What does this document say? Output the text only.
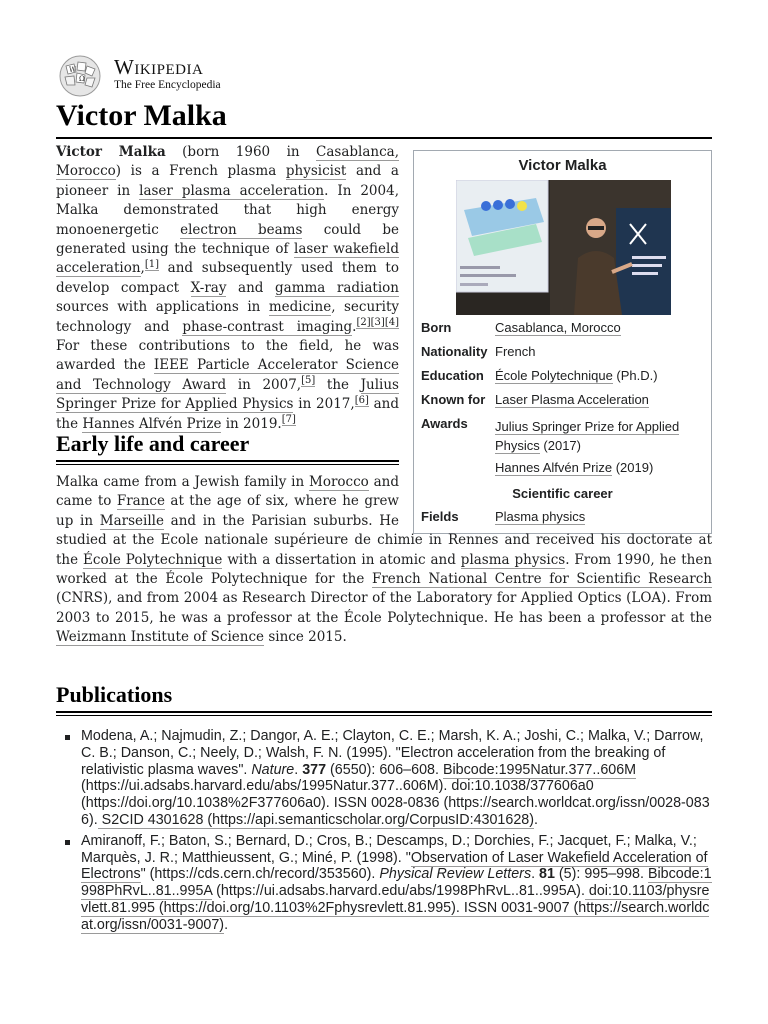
W
Ω Wikipedia
The Free Encyclopedia
Victor Malka
Victor Malka
Born	Casablanca, Morocco
Nationality French
Education École Polytechnique (Ph.D.)
Known for Laser Plasma Acceleration
Awards Julius Springer Prize for Applied Physics (2017)
Hannes Alfvén Prize (2019)
Scientific career
Fields	Plasma physics

Victor Malka (born 1960 in Casablanca, Morocco) is a French plasma physicist and a pioneer in laser plasma acceleration. In 2004, Malka demonstrated that high energy monoenergetic electron beams could be generated using the technique of laser wakefield acceleration,[1] and subsequently used them to develop compact X-ray and gamma radiation sources with applications in medicine, security technology and phase-contrast imaging.[2][3][4] For these contributions to the field, he was awarded the IEEE Particle Accelerator Science and Technology Award in 2007,[5] the Julius Springer Prize for Applied Physics in 2017,[6] and the Hannes Alfvén Prize in 2019.[7]

Early life and career

Malka came from a Jewish family in Morocco and came to France at the age of six, where he grew up in Marseille and in the Parisian suburbs. He studied at the Ecole nationale supérieure de chimie in Rennes and received his doctorate at the École Polytechnique with a dissertation in atomic and plasma physics. From 1990, he then worked at the École Polytechnique for the French National Centre for Scientific Research (CNRS), and from 2004 as Research Director of the Laboratory for Applied Optics (LOA). From 2003 to 2015, he was a professor at the École Polytechnique. He has been a professor at the Weizmann Institute of Science since 2015.

Publications
Modena, A.; Najmudin, Z.; Dangor, A. E.; Clayton, C. E.; Marsh, K. A.; Joshi, C.; Malka, V.; Darrow, C. B.; Danson, C.; Neely, D.; Walsh, F. N. (1995). "Electron acceleration from the breaking of relativistic plasma waves". Nature. 377 (6550): 606–608. Bibcode:1995Natur.377..606M (https://ui.adsabs.harvard.edu/abs/1995Natur.377..606M). doi:10.1038/377606a0 (https://doi.org/10.1038%2F377606a0). ISSN 0028-0836 (https://search.worldcat.org/issn/0028-0836). S2CID 4301628 (https://api.semanticscholar.org/CorpusID:4301628).
Amiranoff, F.; Baton, S.; Bernard, D.; Cros, B.; Descamps, D.; Dorchies, F.; Jacquet, F.; Malka, V.; Marquès, J. R.; Matthieussent, G.; Miné, P. (1998). "Observation of Laser Wakefield Acceleration of Electrons" (https://cds.cern.ch/record/353560). Physical Review Letters. 81 (5): 995–998. Bibcode:1998PhRvL..81..995A (https://ui.adsabs.harvard.edu/abs/1998PhRvL..81..995A). doi:10.1103/physrevlett.81.995 (https://doi.org/10.1103%2Fphysrevlett.81.995). ISSN 0031-9007 (https://search.worldcat.org/issn/0031-9007).
